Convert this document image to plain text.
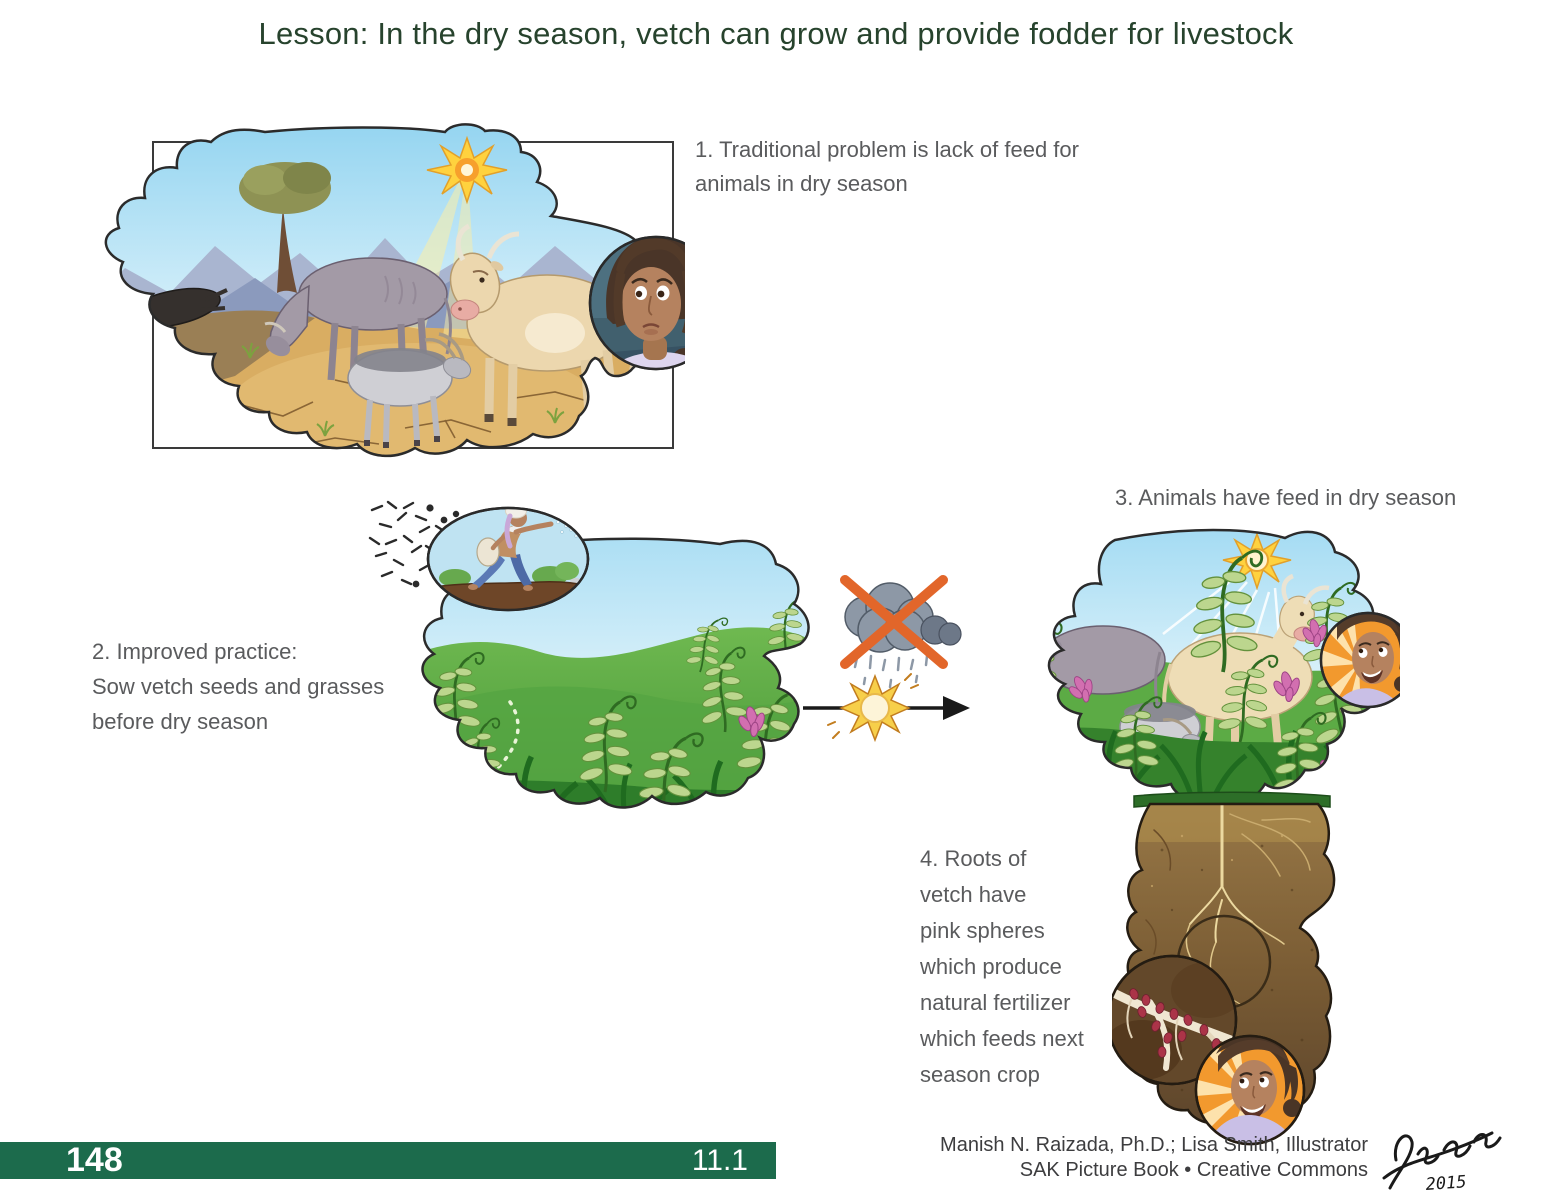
Lesson: In the dry season, vetch can grow and provide fodder for livestock
1. Traditional problem is lack of feed for
animals in dry season
2. Improved practice:
Sow vetch seeds and grasses
before dry season
3. Animals have feed in dry season
4. Roots of
vetch have
pink spheres
which produce
natural fertilizer
which feeds next
season crop
148	11.1	Manish N. Raizada, Ph.D.; Lisa Smith, Illustrator
SAK Picture Book • Creative Commons
2015
